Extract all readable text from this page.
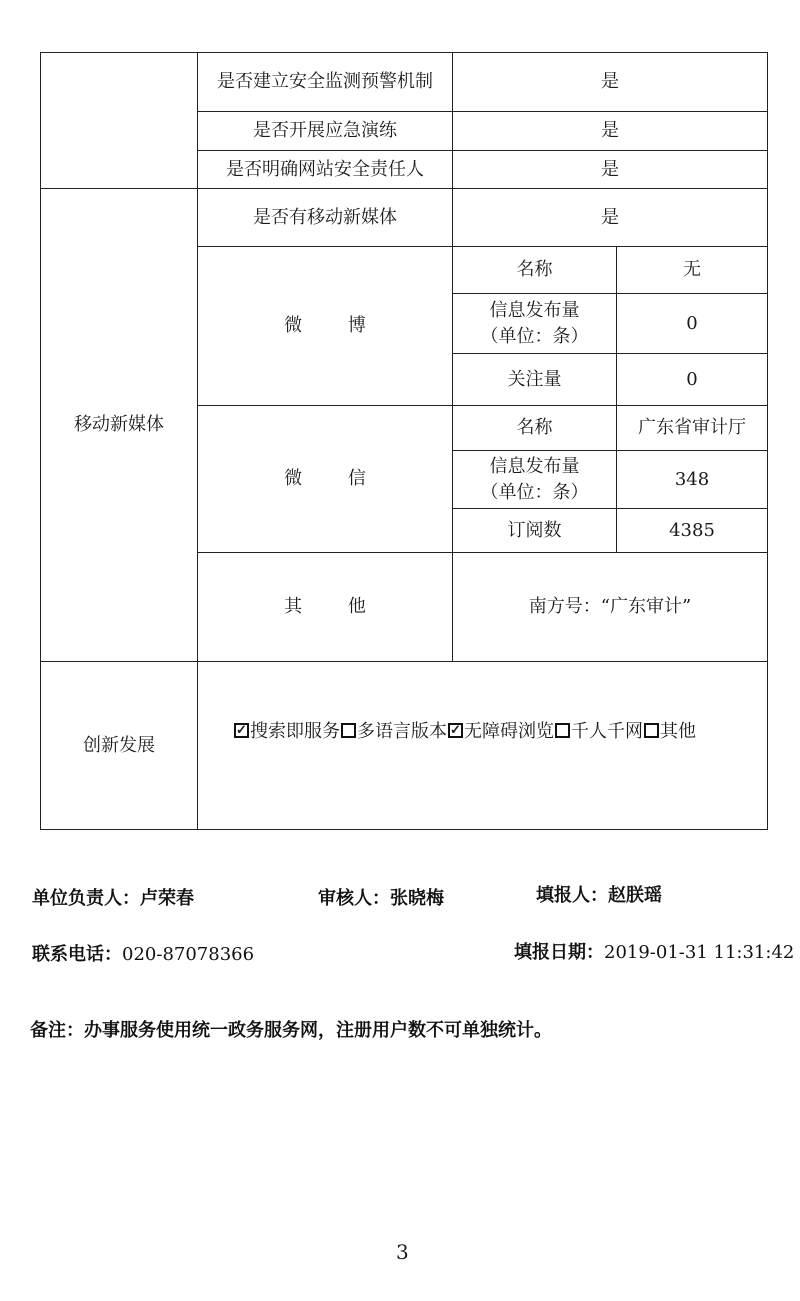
是否建立安全监测预警机制	是
是否开展应急演练	是
是否明确网站安全责任人	是
移动新媒体
是否有移动新媒体	是
微 博
名称	无
信息发布量（单位：条）
0
关注量	0
微 信
名称	广东省审计厅
信息发布量（单位：条）
348
订阅数	4385
其 他	南方号：“广东审计”
创新发展
✓搜索即服务 多语言版本✓ 无障碍浏览 千人千网 其他
单位负责人：卢荣春	审核人：张晓梅	填报人：赵朕瑶
联系电话：020-87078366	填报日期：2019-01-31 11:31:42
备注：办事服务使用统一政务服务网，注册用户数不可单独统计。
3
